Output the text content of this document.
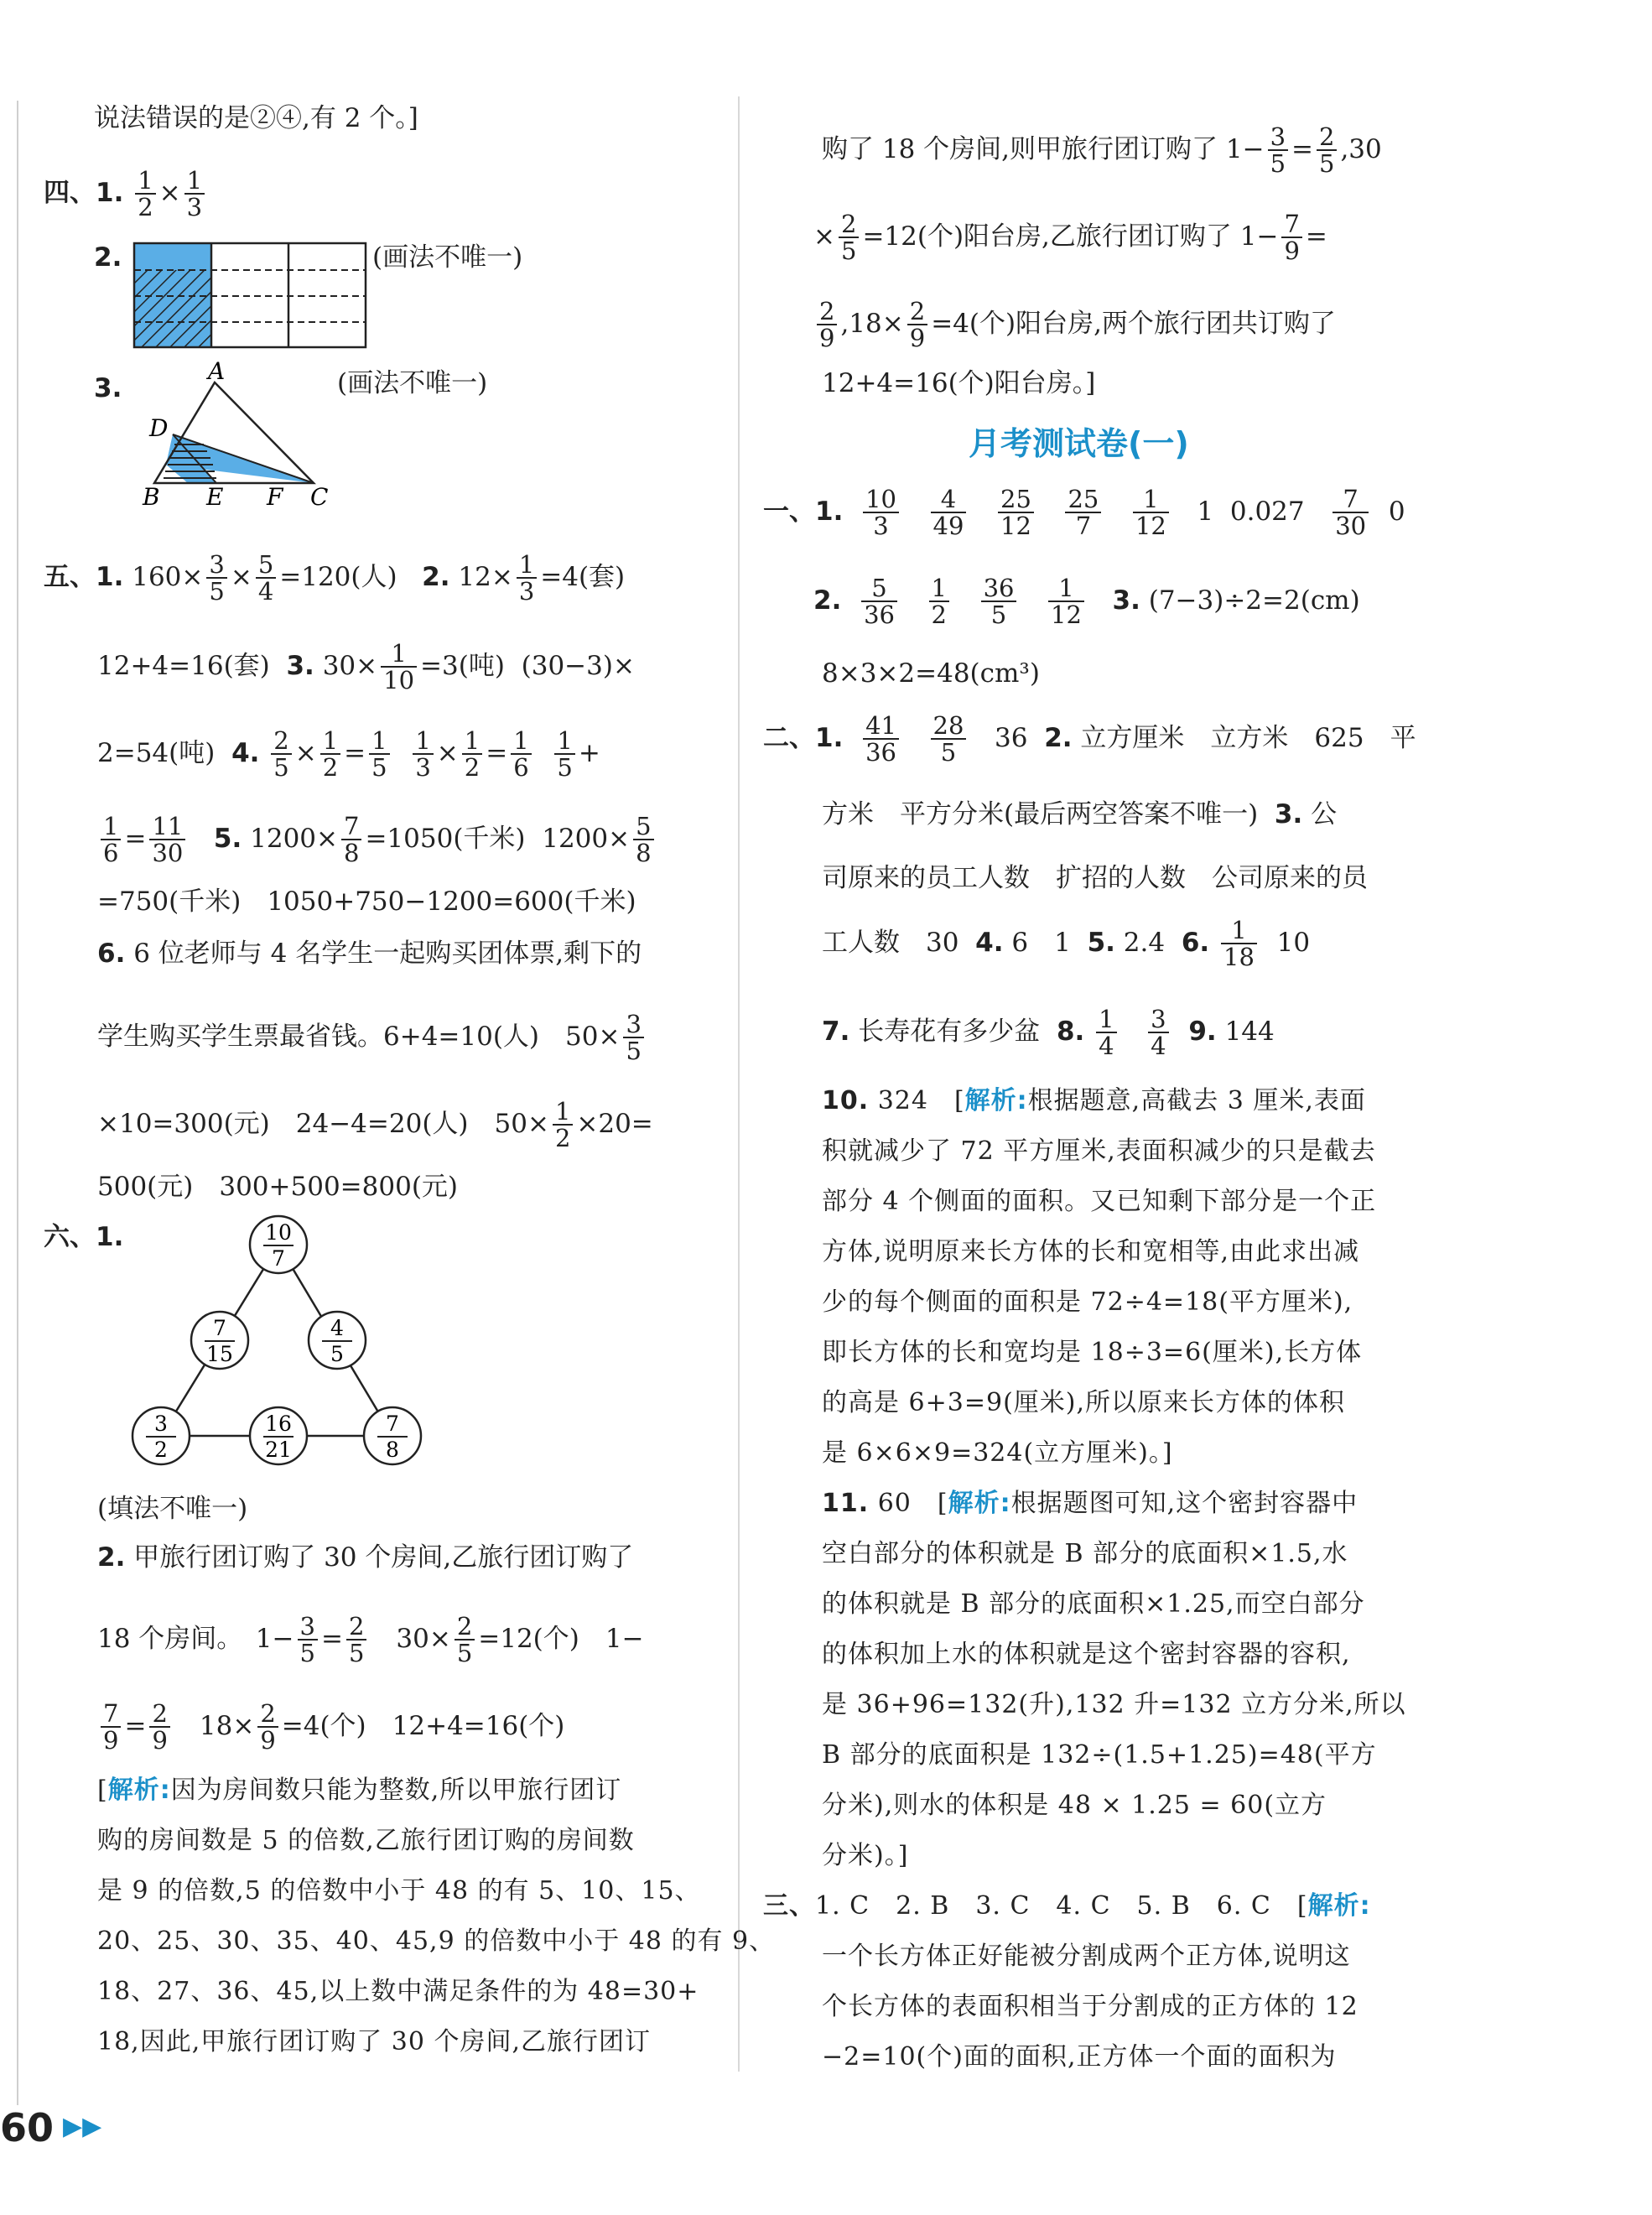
说法错误的是②④,有 2 个。]
四、1. $\frac{1}{2} \times \frac{1}{3}$
2.	(画法不唯一)
3.	(画法不唯一)
A
D
B E F C
五、1. $160\times \frac{3}{5} \times \frac{5}{4} =120$(人) 2. $12\times \frac{1}{3} =4$(套)
12+4=16(套) 3. $30\times \frac{1}{10} =3$(吨) (30−3)×
2=54(吨) 4. $\frac{2}{5} \times \frac{1}{2} = \frac{1}{5}$
$\frac{1}{3} \times \frac{1}{2} = \frac{1}{6}$
$\frac{1}{5}$ +
$\frac{1}{6} = \frac{11}{30} 5$. $1200\times \frac{7}{8} =1050$(千米) $1200\times \frac{5}{8}$
=750(千米)　1050+750−1200=600(千米)
6. 6 位老师与 4 名学生一起购买团体票,剩下的
学生购买学生票最省钱。6+4=10(人)　$50\times \frac{3}{5}$
×10=300(元)　24−4=20(人)　$50\times \frac{1}{2} \times 20=$
500(元)　300+500=800(元)
六、1.	10
7
7
15
4
5
3
2
16
21
7
8
(填法不唯一)
2. 甲旅行团订购了 30 个房间,乙旅行团订购了
18 个房间。　$1- \frac{3}{5} = \frac{2}{5}$ 　$30\times \frac{2}{5} =12$(个)　1−
$\frac{7}{9} = \frac{2}{9}$ 　$18\times \frac{2}{9} =4$(个)　12+4=16(个)
[解析:因为房间数只能为整数,所以甲旅行团订
购的房间数是 5 的倍数,乙旅行团订购的房间数
是 9 的倍数,5 的倍数中小于 48 的有 5、10、15、
20、25、30、35、40、45,9 的倍数中小于 48 的有 9、
18、27、36、45,以上数中满足条件的为 48=30+
18,因此,甲旅行团订购了 30 个房间,乙旅行团订
购了 18 个房间,则甲旅行团订购了 $1- \frac{3}{5} = \frac{2}{5} ,30$
× $\frac{2}{5} =12$(个)阳台房,乙旅行团订购了 $1- \frac{7}{9}$ =
$\frac{2}{9} ,18\times \frac{2}{9} =4$(个)阳台房,两个旅行团共订购了
12+4=16(个)阳台房。]
月考测试卷(一)
一、1. $\frac{10}{3}$
$\frac{4}{49}$
$\frac{25}{12}$
$\frac{25}{7}$
$\frac{1}{12} 1$ $0.027 \frac{7}{30} 0$
2. $\frac{5}{36}$
$\frac{1}{2}$
$\frac{36}{5}$
$\frac{1}{12} 3$. (7−3)÷2=2(cm)
8×3×2=48(cm³)
二、1. $\frac{41}{36}$
$\frac{28}{5} 36$ 2. 立方厘米　立方米　625　平
方米　平方分米(最后两空答案不唯一) 3. 公
司原来的员工人数　扩招的人数　公司原来的员
工人数　30 4. 6　1 5. 2.4 6. $\frac{1}{18} 10$
7. 长寿花有多少盆 8. $\frac{1}{4}$
$\frac{3}{4} 9$. 144
10. 324　[解析:根据题意,高截去 3 厘米,表面
积就减少了 72 平方厘米,表面积减少的只是截去
部分 4 个侧面的面积。又已知剩下部分是一个正
方体,说明原来长方体的长和宽相等,由此求出减
少的每个侧面的面积是 72÷4=18(平方厘米),
即长方体的长和宽均是 18÷3=6(厘米),长方体
的高是 6+3=9(厘米),所以原来长方体的体积
是 6×6×9=324(立方厘米)。]
11. 60　[解析:根据题图可知,这个密封容器中
空白部分的体积就是 B 部分的底面积×1.5,水
的体积就是 B 部分的底面积×1.25,而空白部分
的体积加上水的体积就是这个密封容器的容积,
是 36+96=132(升),132 升=132 立方分米,所以
B 部分的底面积是 132÷(1.5+1.25)=48(平方
分米),则水的体积是 48 × 1.25 = 60(立方
分米)。]
三、1. C　2. B　3. C　4. C　5. B　6. C　[解析:
一个长方体正好能被分割成两个正方体,说明这
个长方体的表面积相当于分割成的正方体的 12
−2=10(个)面的面积,正方体一个面的面积为
60 ▶▶
